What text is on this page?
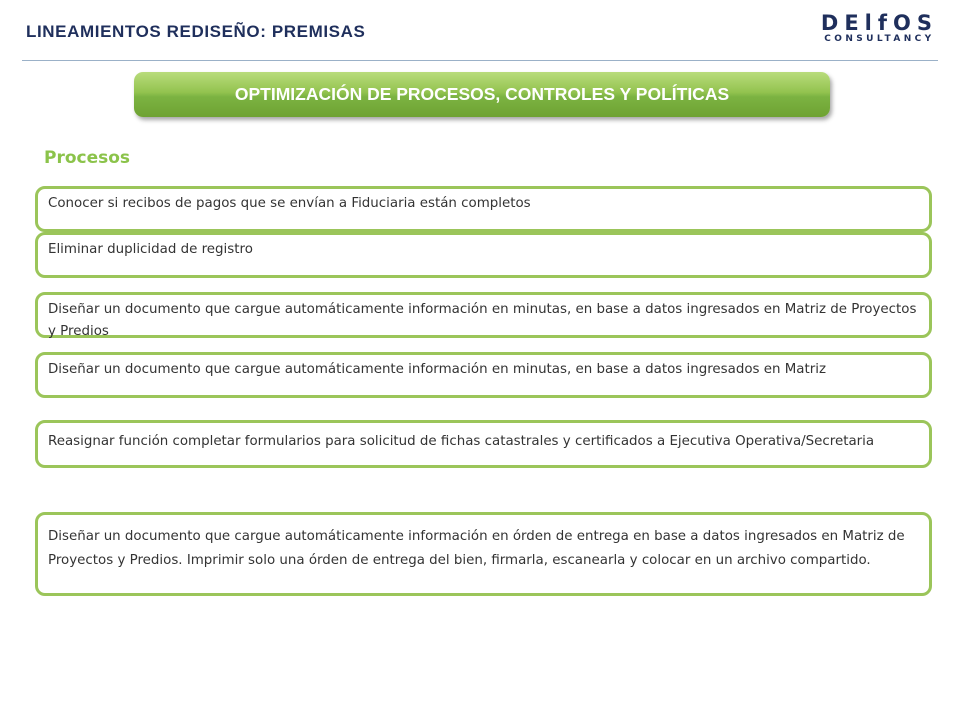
LINEAMIENTOS REDISEÑO: PREMISAS	DElfOS
CONSULTANCY
OPTIMIZACIÓN DE PROCESOS, CONTROLES Y POLÍTICAS
Procesos
Conocer si recibos de pagos que se envían a Fiduciaria están completos
Eliminar duplicidad de registro
Diseñar un documento que cargue automáticamente información en minutas, en base a datos ingresados en Matriz de Proyectos y Predios
Diseñar un documento que cargue automáticamente información en minutas, en base a datos ingresados en Matriz
Reasignar función completar formularios para solicitud de fichas catastrales y certificados a Ejecutiva Operativa/Secretaria
Diseñar un documento que cargue automáticamente información en órden de entrega en base a datos ingresados en Matriz de Proyectos y Predios. Imprimir solo una órden de entrega del bien, firmarla, escanearla y colocar en un archivo compartido.
